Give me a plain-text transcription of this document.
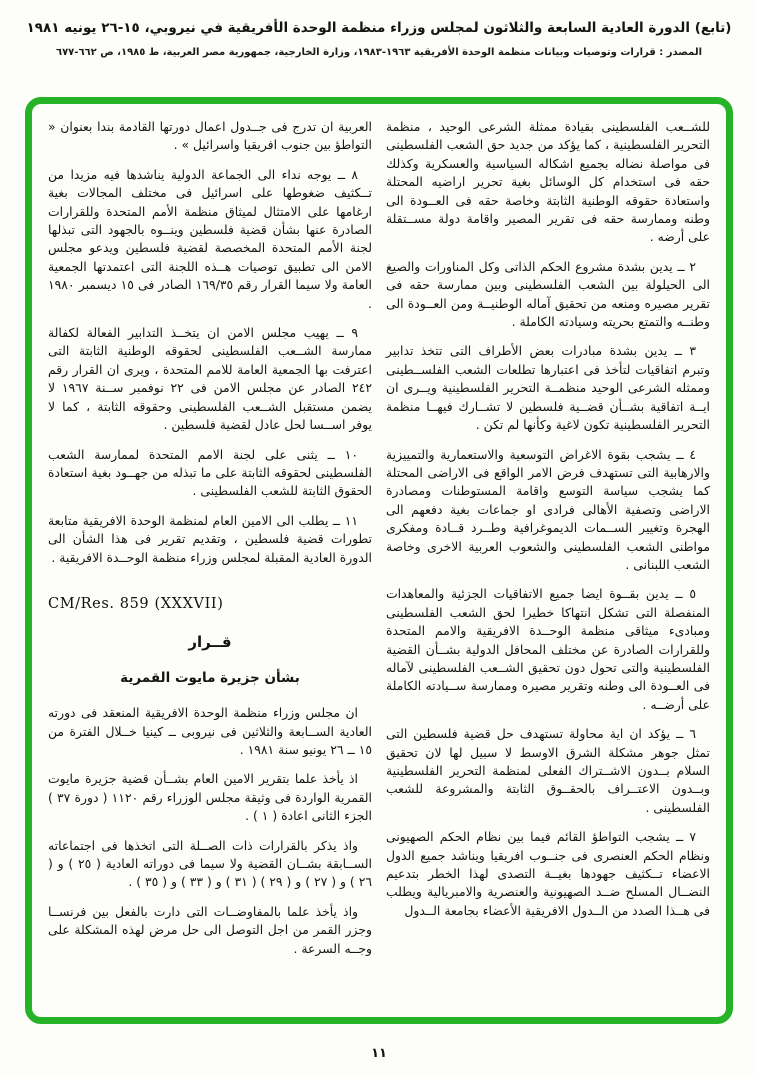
(تابع) الدورة العادية السابعة والثلاثون لمجلس وزراء منظمة الوحدة الأفريقية في نيروبي، ١٥-٢٦ يونيه ١٩٨١
المصدر : قرارات وتوصيات وبيانات منظمة الوحدة الأفريقية ١٩٦٣-١٩٨٣، وزارة الخارجية، جمهورية مصر العربية، ط ١٩٨٥، ص ٦٦٢-٦٧٧

للشــعب الفلسطينى بقيادة ممثلة الشرعى الوحيد ، منظمة التحرير الفلسطينية ، كما يؤكد من جديد حق الشعب الفلسطينى فى مواصلة نضاله بجميع اشكاله السياسية والعسكرية وكذلك حقه فى استخدام كل الوسائل بغية تحرير اراضيه المحتلة واستعادة حقوقه الوطنية الثابتة وخاصة حقه فى العــودة الى وطنه وممارسة حقه فى تقرير المصير واقامة دولة مســتقلة على أرضه .

٢ ــ يدين بشدة مشروع الحكم الذاتى وكل المناورات والصيغ الى الحيلولة بين الشعب الفلسطينى وبين ممارسة حقه فى تقرير مصيره ومنعه من تحقيق آماله الوطنيــة ومن العــودة الى وطنــه والتمتع بحريته وسيادته الكاملة .

٣ ــ يدين بشدة مبادرات بعض الأطراف التى تتخذ تدابير وتبرم اتفاقيات لتأخذ فى اعتبارها تطلعات الشعب الفلســطينى وممثله الشرعى الوحيد منظمــة التحرير الفلسطينية ويــرى ان ايــة اتفاقية بشــأن قضــية فلسطين لا تشــارك فيهــا منظمة التحرير الفلسطينية تكون لاغية وكأنها لم تكن .

٤ ــ يشجب بقوة الاغراض التوسعية والاستعمارية والتمييزية والارهابية التى تستهدف فرض الامر الواقع فى الاراضى المحتلة كما يشجب سياسة التوسع واقامة المستوطنات ومصادرة الاراضى وتصفية الأهالى فرادى او جماعات بغية دفعهم الى الهجرة وتغيير الســمات الديموغرافية وطــرد قــادة ومفكرى مواطنى الشعب الفلسطينى والشعوب العربية الاخرى وخاصة الشعب اللبنانى .

٥ ــ يدين بقــوة ايضا جميع الاتفاقيات الجزئية والمعاهدات المنفصلة التى تشكل انتهاكا خطيرا لحق الشعب الفلسطينى ومبادىء ميثاقى منظمة الوحــدة الافريقية والامم المتحدة وللقرارات الصادرة عن مختلف المحافل الدولية بشــأن القضية الفلسطينية والتى تحول دون تحقيق الشــعب الفلسطينى لآماله فى العــودة الى وطنه وتقرير مصيره وممارسة ســيادته الكاملة على أرضــه .

٦ ــ يؤكد ان اية محاولة تستهدف حل قضية فلسطين التى تمثل جوهر مشكلة الشرق الاوسط لا سبيل لها لان تحقيق السلام بــدون الاشــتراك الفعلى لمنظمة التحرير الفلسطينية وبــدون الاعتــراف بالحقــوق الثابتة والمشروعة للشعب الفلسطينى .

٧ ــ يشجب التواطؤ القائم فيما بين نظام الحكم الصهيونى ونظام الحكم العنصرى فى جنــوب افريقيا ويناشد جميع الدول الاعضاء تــكثيف جهودها بغيــة التصدى لهذا الخطر بتدعيم النضــال المسلح ضــد الصهيونية والعنصرية والامبريالية ويطلب فى هــذا الصدد من الــدول الافريقية الأعضاء بجامعة الــدول

العربية ان تدرج فى جــدول اعمال دورتها القادمة بندا بعنوان « التواطؤ بين جنوب افريقيا واسرائيل » .

٨ ــ يوجه نداء الى الجماعة الدولية يناشدها فيه مزيدا من تــكثيف ضغوطها على اسرائيل فى مختلف المجالات بغية ارغامها على الامتثال لميثاق منظمة الأمم المتحدة وللقرارات الصادرة عنها بشأن قضية فلسطين وينــوه بالجهود التى تبذلها لجنة الأمم المتحدة المخصصة لقضية فلسطين ويدعو مجلس الامن الى تطبيق توصيات هــذه اللجنة التى اعتمدتها الجمعية العامة ولا سيما القرار رقم ١٦٩/٣٥ الصادر فى ١٥ ديسمبر ١٩٨٠ .

٩ ــ يهيب مجلس الامن ان يتخــذ التدابير الفعالة لكفالة ممارسة الشــعب الفلسطينى لحقوقه الوطنية الثابتة التى اعترفت بها الجمعية العامة للامم المتحدة ، ويرى ان القرار رقم ٢٤٢ الصادر عن مجلس الامن فى ٢٢ نوفمبر ســنة ١٩٦٧ لا يضمن مستقبل الشــعب الفلسطينى وحقوقه الثابتة ، كما لا يوفر اســسا لحل عادل لقضية فلسطين .

١٠ ــ يثنى على لجنة الامم المتحدة لممارسة الشعب الفلسطينى لحقوقه الثابتة على ما تبذله من جهــود بغية استعادة الحقوق الثابتة للشعب الفلسطينى .

١١ ــ يطلب الى الامين العام لمنظمة الوحدة الافريقية متابعة تطورات قضية فلسطين ، وتقديم تقرير فى هذا الشأن الى الدورة العادية المقبلة لمجلس وزراء منظمة الوحــدة الافريقية .

CM/Res. 859 (XXXVII)
قــرار
بشأن جزيرة مايوت القمرية

ان مجلس وزراء منظمة الوحدة الافريقية المنعقد فى دورته العادية الســابعة والثلاثين فى نيروبى ــ كينيا خــلال الفترة من ١٥ ــ ٢٦ يونيو سنة ١٩٨١ .

اذ يأخذ علما بتقرير الامين العام بشــأن قضية جزيرة مايوت القمرية الواردة فى وثيقة مجلس الوزراء رقم ١١٢٠ ( دورة ٣٧ ) الجزء الثانى اعادة ( ١ ) .

واذ يذكر بالقرارات ذات الصــلة التى اتخذها فى اجتماعاته الســابقة بشــان القضية ولا سيما فى دوراته العادية ( ٢٥ ) و ( ٢٦ ) و ( ٢٧ ) و ( ٢٩ ) ( ٣١ ) و ( ٣٣ ) و ( ٣٥ ) .

واذ يأخذ علما بالمفاوضــات التى دارت بالفعل بين فرنســا وجزر القمر من اجل التوصل الى حل مرض لهذه المشكلة على وجــه السرعة .

١١
